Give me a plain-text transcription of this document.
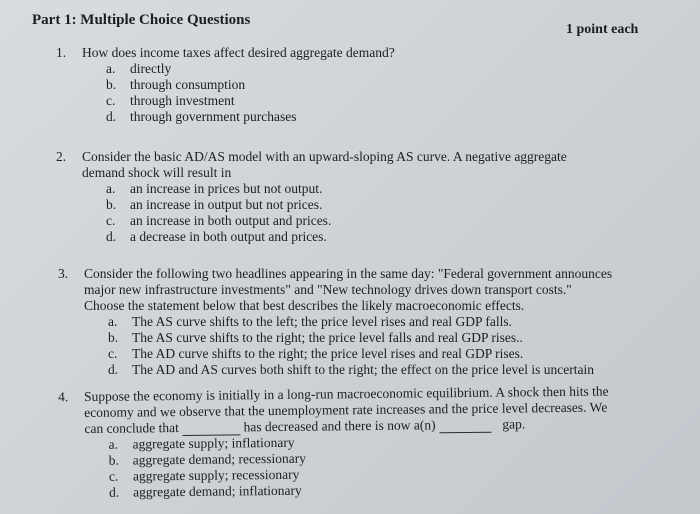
Part 1: Multiple Choice Questions
1 point each
1. How does income taxes affect desired aggregate demand?
a.	directly
b.	through consumption
c.	through investment
d.	through government purchases
2. Consider the basic AD/AS model with an upward-sloping AS curve. A negative aggregate
demand shock will result in
a.	an increase in prices but not output.
b.	an increase in output but not prices.
c.	an increase in both output and prices.
d.	a decrease in both output and prices.
3. Consider the following two headlines appearing in the same day: "Federal government announces
major new infrastructure investments" and "New technology drives down transport costs."
Choose the statement below that best describes the likely macroeconomic effects.
a.	The AS curve shifts to the left; the price level rises and real GDP falls.
b.	The AS curve shifts to the right; the price level falls and real GDP rises..
c.	The AD curve shifts to the right; the price level rises and real GDP rises.
d.	The AD and AS curves both shift to the right; the effect on the price level is uncertain
4. Suppose the economy is initially in a long-run macroeconomic equilibrium. A shock then hits the
economy and we observe that the unemployment rate increases and the price level decreases. We
can conclude that	has decreased and there is now a(n)	gap.
a.	aggregate supply; inflationary
b.	aggregate demand; recessionary
c.	aggregate supply; recessionary
d.	aggregate demand; inflationary
